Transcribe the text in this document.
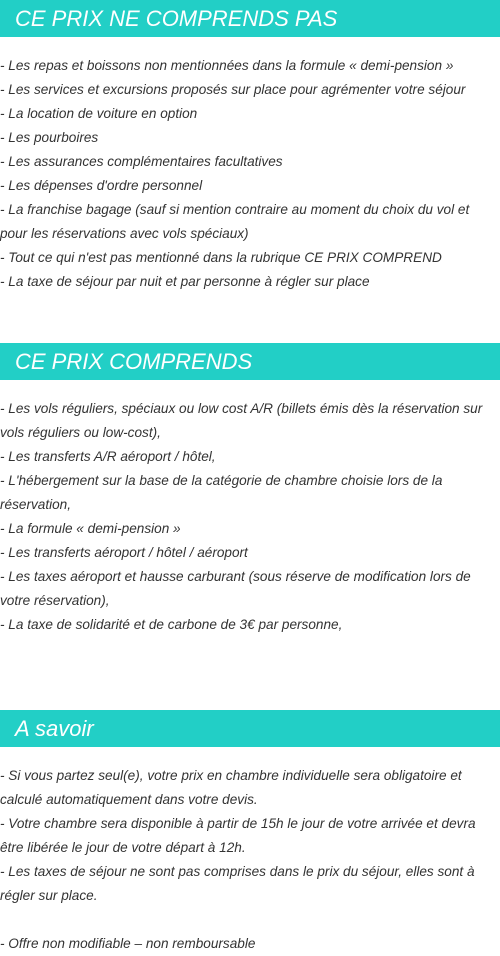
CE PRIX NE COMPRENDS PAS
- Les repas et boissons non mentionnées dans la formule « demi-pension »
- Les services et excursions proposés sur place pour agrémenter votre séjour
- La location de voiture en option
- Les pourboires
- Les assurances complémentaires facultatives
- Les dépenses d'ordre personnel
- La franchise bagage (sauf si mention contraire au moment du choix du vol et pour les réservations avec vols spéciaux)
- Tout ce qui n'est pas mentionné dans la rubrique CE PRIX COMPREND
- La taxe de séjour par nuit et par personne à régler sur place
CE PRIX COMPRENDS
- Les vols réguliers, spéciaux ou low cost A/R (billets émis dès la réservation sur vols réguliers ou low-cost),
- Les transferts A/R aéroport / hôtel,
- L'hébergement sur la base de la catégorie de chambre choisie lors de la réservation,
- La formule « demi-pension »
- Les transferts aéroport / hôtel / aéroport
- Les taxes aéroport et hausse carburant (sous réserve de modification lors de votre réservation),
- La taxe de solidarité et de carbone de 3€ par personne,
A savoir
- Si vous partez seul(e), votre prix en chambre individuelle sera obligatoire et calculé automatiquement dans votre devis.
- Votre chambre sera disponible à partir de 15h le jour de votre arrivée et devra être libérée le jour de votre départ à 12h.
- Les taxes de séjour ne sont pas comprises dans le prix du séjour, elles sont à régler sur place.
- Offre non modifiable – non remboursable
